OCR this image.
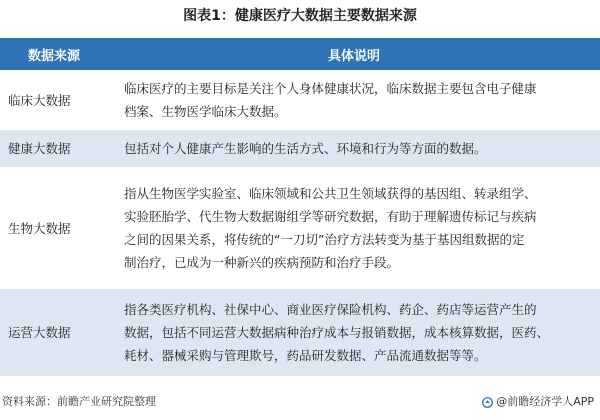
图表1：健康医疗大数据主要数据来源
数据来源	具体说明
临床大数据	临床医疗的主要目标是关注个人身体健康状况，临床数据主要包含电子健康
档案、生物医学临床大数据。

健康大数据	包括对个人健康产生影响的生活方式、环境和行为等方面的数据。

生物大数据	指从生物医学实验室、临床领域和公共卫生领域获得的基因组、转录组学、
实验胚胎学、代生物大数据谢组学等研究数据，有助于理解遗传标记与疾病
之间的因果关系，将传统的“一刀切”治疗方法转变为基于基因组数据的定
制治疗，已成为一种新兴的疾病预防和治疗手段。

运营大数据	指各类医疗机构、社保中心、商业医疗保险机构、药企、药店等运营产生的
数据，包括不同运营大数据病种治疗成本与报销数据，成本核算数据，医药、
耗材、器械采购与管理欺号，药品研发数据、产品流通数据等等。
资料来源：前瞻产业研究院整理	@前瞻经济学人APP
